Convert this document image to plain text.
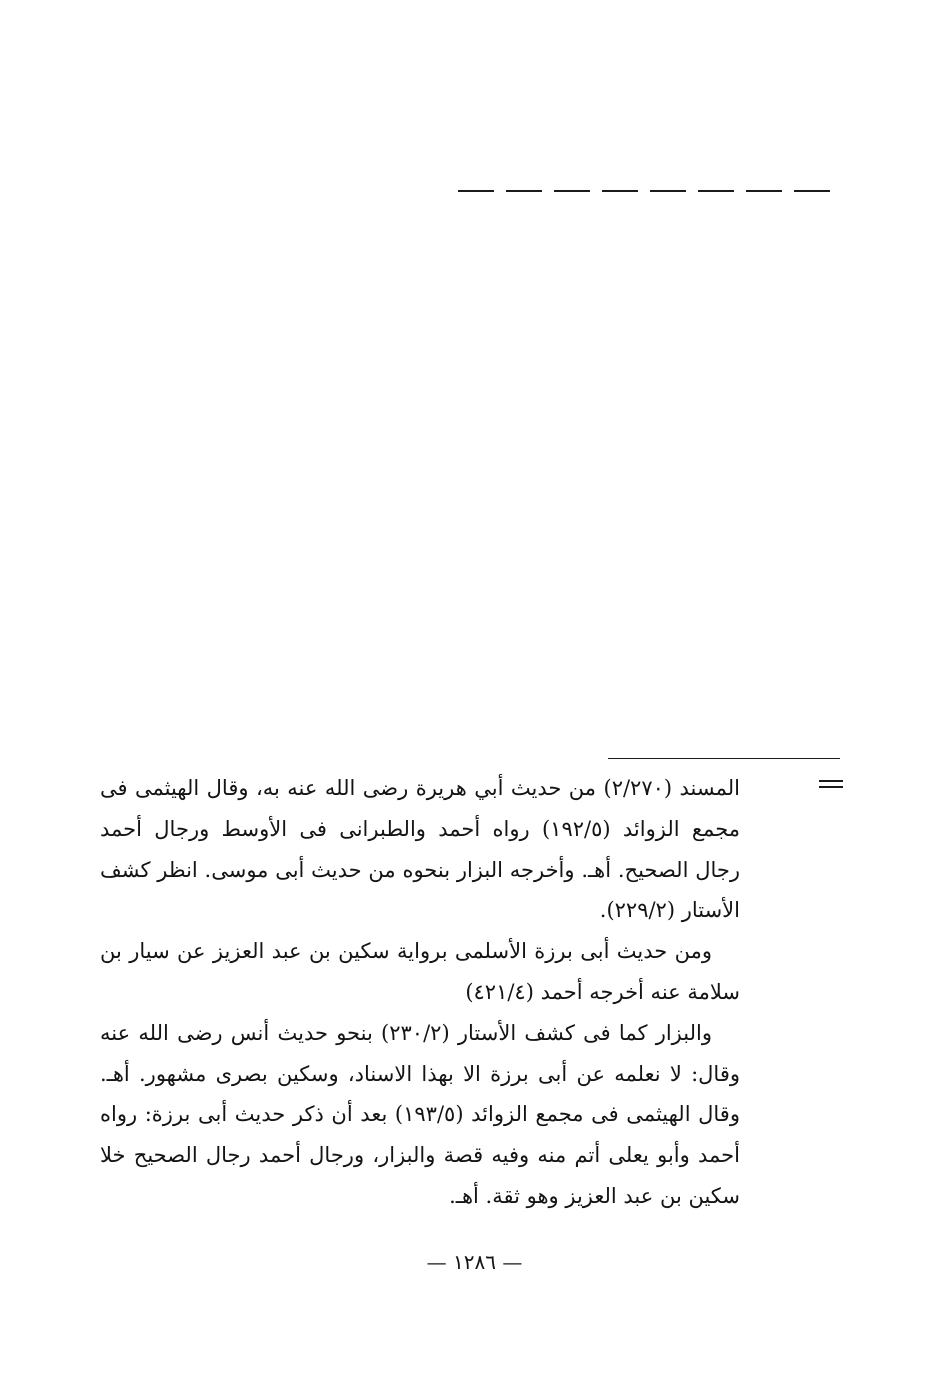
المسند (٢/٢٧٠) من حديث أبي هريرة رضى الله عنه به، وقال الهيثمى فى مجمع الزوائد (١٩٢/٥) رواه أحمد والطبرانى فى الأوسط ورجال أحمد رجال الصحيح. أهـ. وأخرجه البزار بنحوه من حديث أبى موسى. انظر كشف الأستار (٢٢٩/٢).

ومن حديث أبى برزة الأسلمى برواية سكين بن عبد العزيز عن سيار بن سلامة عنه أخرجه أحمد (٤٢١/٤)

والبزار كما فى كشف الأستار (٢٣٠/٢) بنحو حديث أنس رضى الله عنه وقال: لا نعلمه عن أبى برزة الا بهذا الاسناد، وسكين بصرى مشهور. أهـ. وقال الهيثمى فى مجمع الزوائد (١٩٣/٥) بعد أن ذكر حديث أبى برزة: رواه أحمد وأبو يعلى أتم منه وفيه قصة والبزار، ورجال أحمد رجال الصحيح خلا سكين بن عبد العزيز وهو ثقة. أهـ.

— ١٢٨٦ —
